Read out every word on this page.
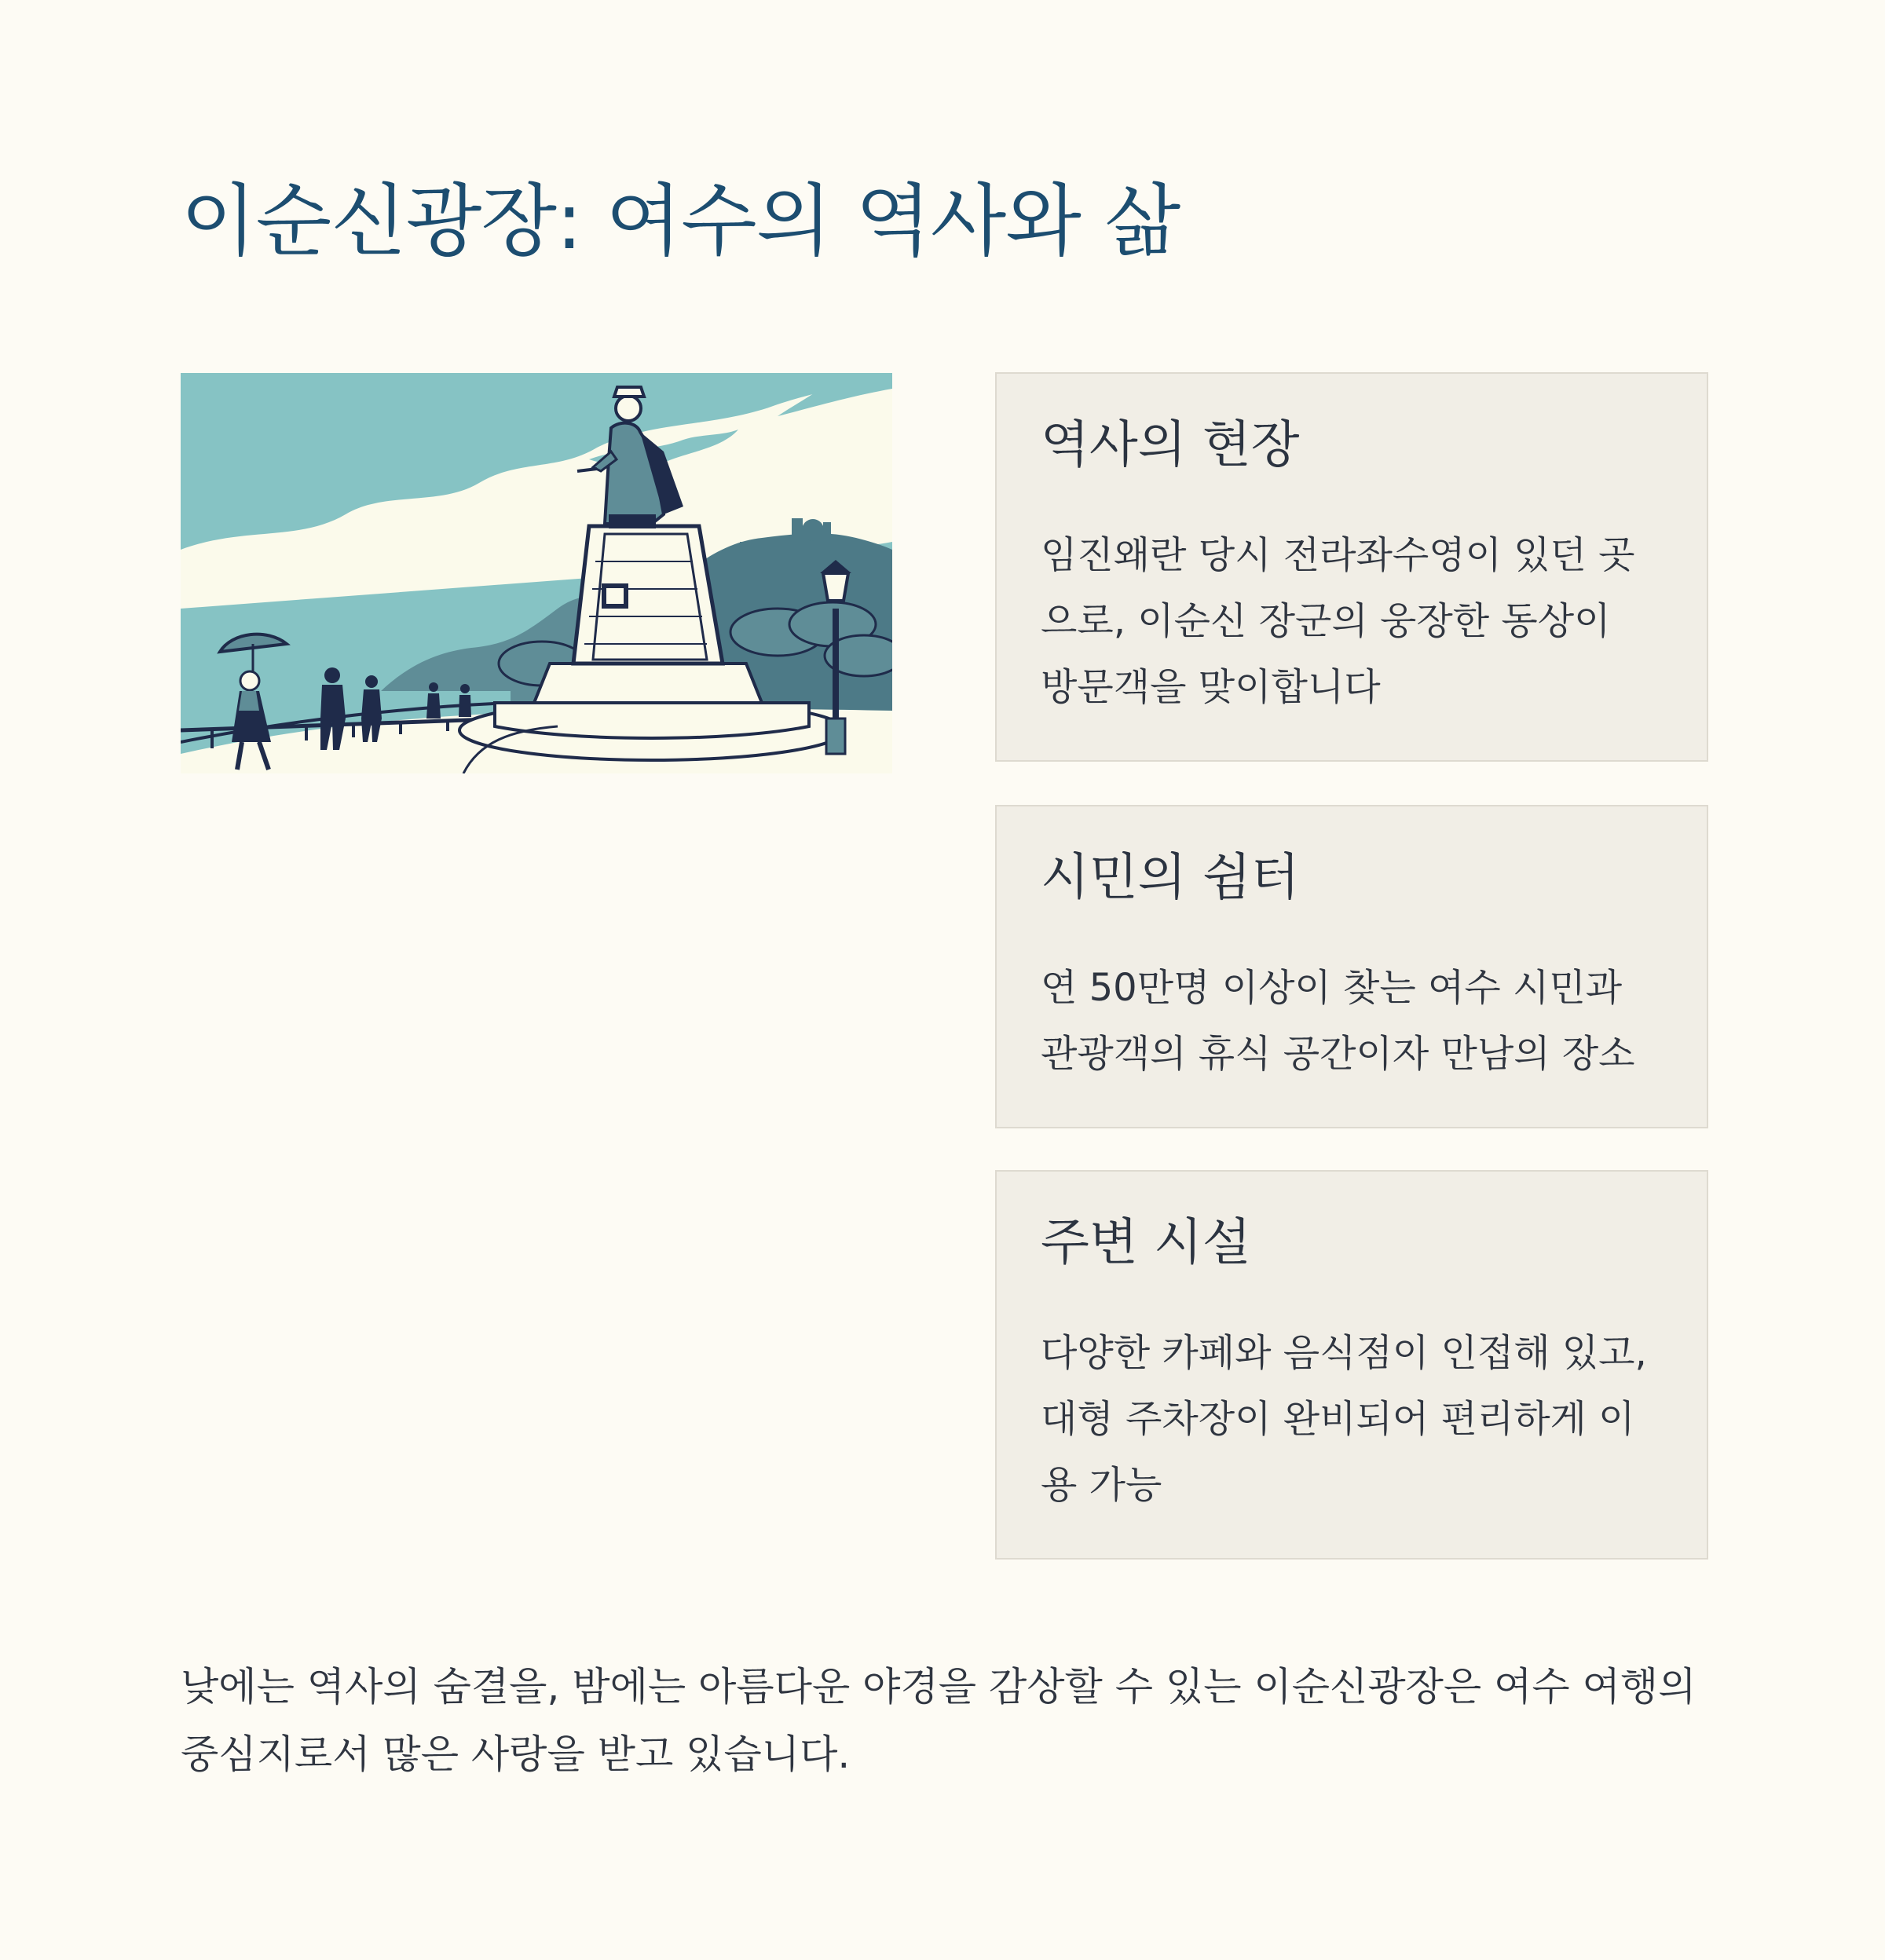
이순신광장: 여수의 역사와 삶
역사의 현장

임진왜란 당시 전라좌수영이 있던 곳
으로, 이순신 장군의 웅장한 동상이
방문객을 맞이합니다

시민의 쉼터

연 50만명 이상이 찾는 여수 시민과
관광객의 휴식 공간이자 만남의 장소

주변 시설

다양한 카페와 음식점이 인접해 있고,
대형 주차장이 완비되어 편리하게 이
용 가능

낮에는 역사의 숨결을, 밤에는 아름다운 야경을 감상할 수 있는 이순신광장은 여수 여행의
중심지로서 많은 사랑을 받고 있습니다.
